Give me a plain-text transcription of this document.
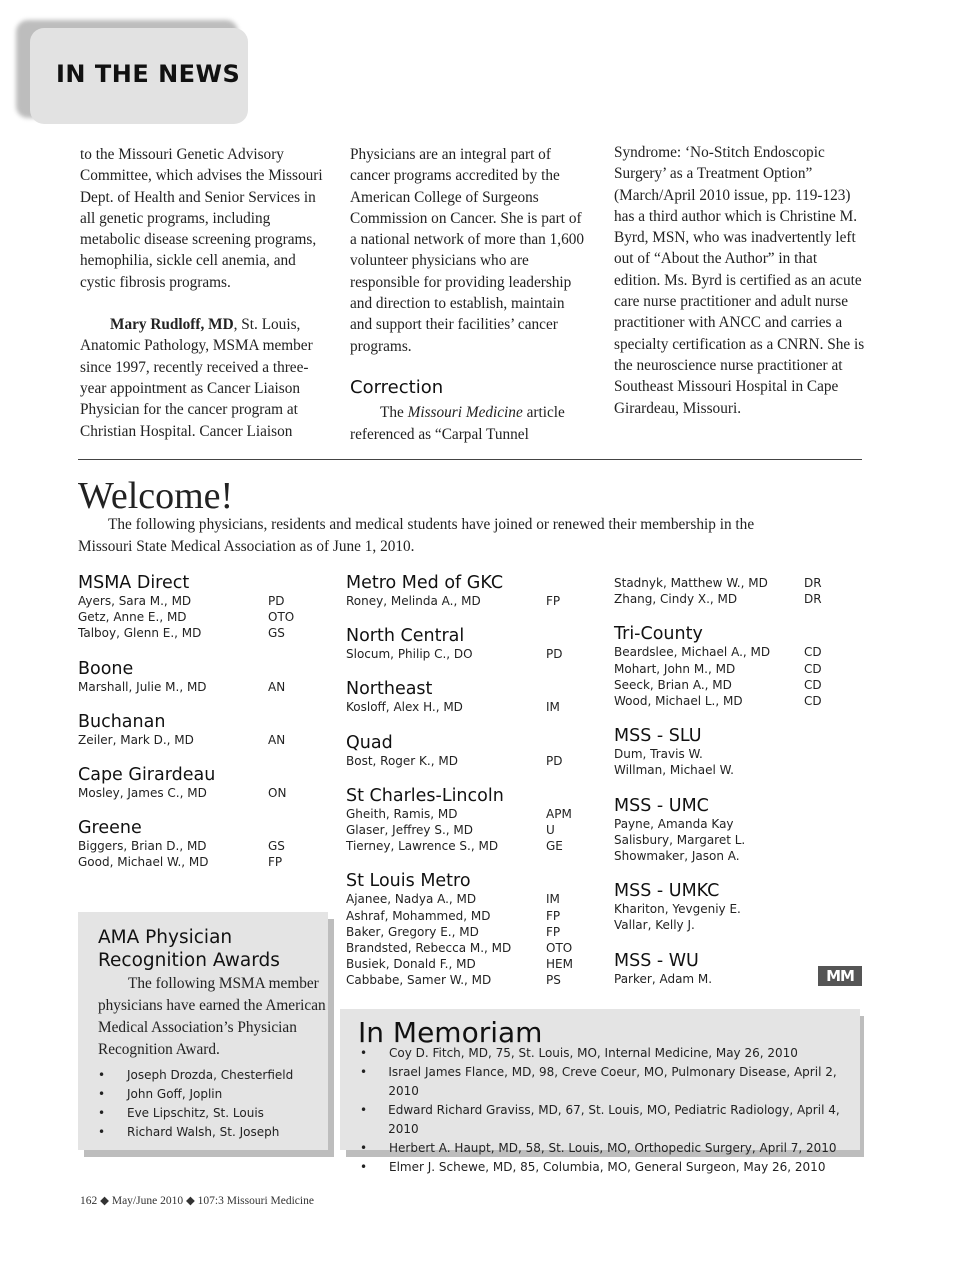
IN THE NEWS

to the Missouri Genetic Advisory Committee, which advises the Missouri Dept. of Health and Senior Services in all genetic programs, including metabolic disease screening programs, hemophilia, sickle cell anemia, and cystic fibrosis programs.

Mary Rudloff, MD, St. Louis, Anatomic Pathology, MSMA member since 1997, recently received a three-year appointment as Cancer Liaison Physician for the cancer program at Christian Hospital. Cancer Liaison

Physicians are an integral part of cancer programs accredited by the American College of Surgeons Commission on Cancer. She is part of a national network of more than 1,600 volunteer physicians who are responsible for providing leadership and direction to establish, maintain and support their facilities’ cancer programs.

Correction

The Missouri Medicine article referenced as “Carpal Tunnel

Syndrome: ‘No-Stitch Endoscopic Surgery’ as a Treatment Option” (March/April 2010 issue, pp. 119-123) has a third author which is Christine M. Byrd, MSN, who was inadvertently left out of “About the Author” in that edition. Ms. Byrd is certified as an acute care nurse practitioner and adult nurse practitioner with ANCC and carries a specialty certification as a CNRN. She is the neuroscience nurse practitioner at Southeast Missouri Hospital in Cape Girardeau, Missouri.

Welcome!
The following physicians, residents and medical students have joined or renewed their membership in the Missouri State Medical Association as of June 1, 2010.
MSMA Direct
Ayers, Sara M., MD	PD
Getz, Anne E., MD	OTO
Talboy, Glenn E., MD	GS
Boone
Marshall, Julie M., MD	AN
Buchanan
Zeiler, Mark D., MD	AN
Cape Girardeau
Mosley, James C., MD	ON
Greene
Biggers, Brian D., MD	GS
Good, Michael W., MD	FP
Metro Med of GKC
Roney, Melinda A., MD	FP
North Central
Slocum, Philip C., DO	PD
Northeast
Kosloff, Alex H., MD	IM
Quad
Bost, Roger K., MD	PD
St Charles-Lincoln
Gheith, Ramis, MD	APM
Glaser, Jeffrey S., MD	U
Tierney, Lawrence S., MD	GE
St Louis Metro
Ajanee, Nadya A., MD	IM
Ashraf, Mohammed, MD	FP
Baker, Gregory E., MD	FP
Brandsted, Rebecca M., MD	OTO
Busiek, Donald F., MD	HEM
Cabbabe, Samer W., MD	PS
Stadnyk, Matthew W., MD	DR
Zhang, Cindy X., MD	DR
Tri-County
Beardslee, Michael A., MD	CD
Mohart, John M., MD	CD
Seeck, Brian A., MD	CD
Wood, Michael L., MD	CD
MSS - SLU
Dum, Travis W.
Willman, Michael W.
MSS - UMC
Payne, Amanda Kay
Salisbury, Margaret L.
Showmaker, Jason A.
MSS - UMKC
Khariton, Yevgeniy E.
Vallar, Kelly J.
MSS - WU
Parker, Adam M.	MM
AMA Physician Recognition Awards
The following MSMA member physicians have earned the American Medical Association’s Physician Recognition Award.
•	Joseph Drozda, Chesterfield
•	John Goff, Joplin
•	Eve Lipschitz, St. Louis
•	Richard Walsh, St. Joseph
In Memoriam
•	Coy D. Fitch, MD, 75, St. Louis, MO, Internal Medicine, May 26, 2010
•	Israel James Flance, MD, 98, Creve Coeur, MO, Pulmonary Disease, April 2, 2010
•	Edward Richard Graviss, MD, 67, St. Louis, MO, Pediatric Radiology, April 4, 2010
•	Herbert A. Haupt, MD, 58, St. Louis, MO, Orthopedic Surgery, April 7, 2010
•	Elmer J. Schewe, MD, 85, Columbia, MO, General Surgeon, May 26, 2010
162 ◆ May/June 2010 ◆ 107:3 Missouri Medicine
